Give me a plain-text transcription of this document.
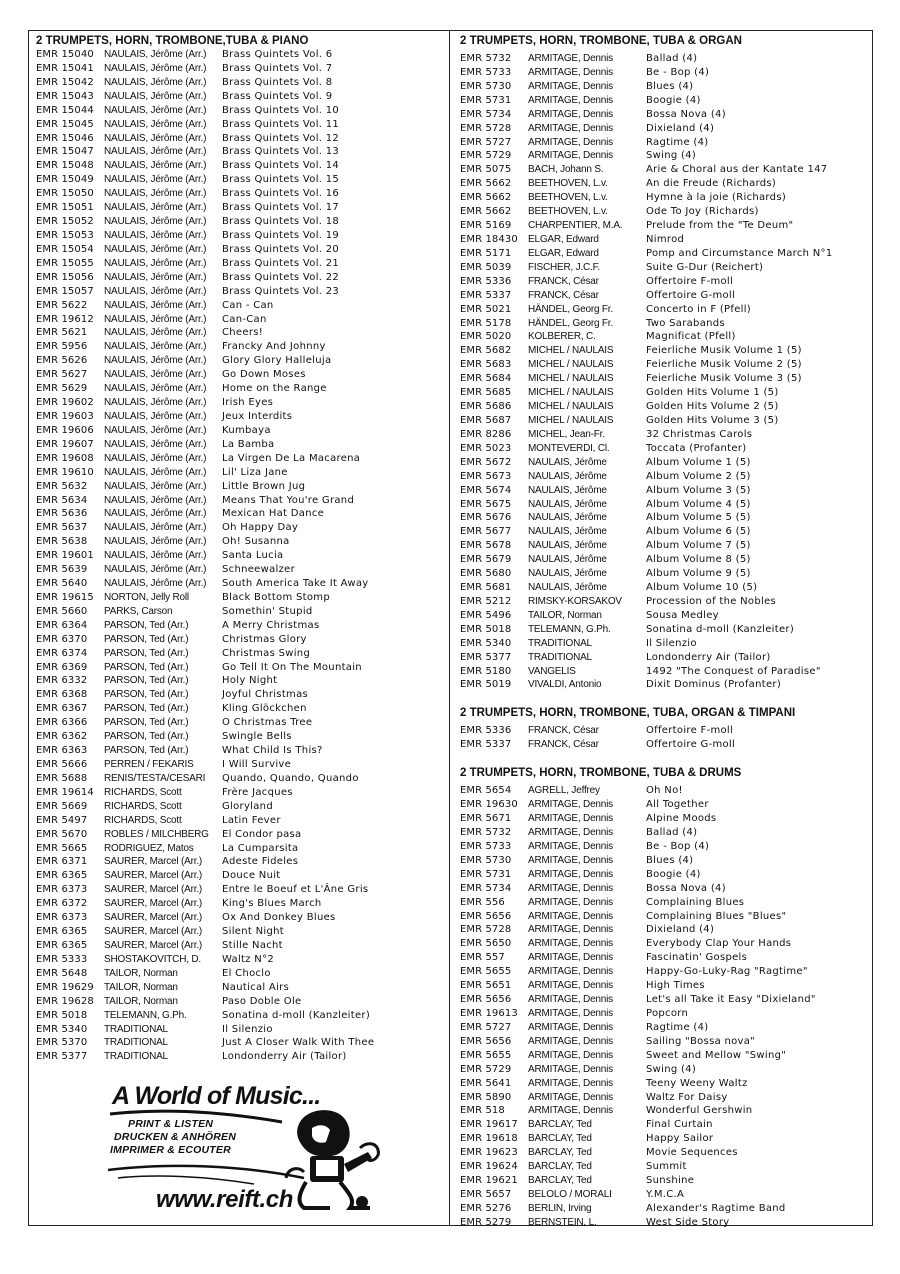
2 TRUMPETS, HORN, TROMBONE,TUBA & PIANO
EMR 15040	NAULAIS, Jérôme (Arr.)	Brass Quintets Vol. 6
EMR 15041	NAULAIS, Jérôme (Arr.)	Brass Quintets Vol. 7
EMR 15042	NAULAIS, Jérôme (Arr.)	Brass Quintets Vol. 8
EMR 15043	NAULAIS, Jérôme (Arr.)	Brass Quintets Vol. 9
EMR 15044	NAULAIS, Jérôme (Arr.)	Brass Quintets Vol. 10
EMR 15045	NAULAIS, Jérôme (Arr.)	Brass Quintets Vol. 11
EMR 15046	NAULAIS, Jérôme (Arr.)	Brass Quintets Vol. 12
EMR 15047	NAULAIS, Jérôme (Arr.)	Brass Quintets Vol. 13
EMR 15048	NAULAIS, Jérôme (Arr.)	Brass Quintets Vol. 14
EMR 15049	NAULAIS, Jérôme (Arr.)	Brass Quintets Vol. 15
EMR 15050	NAULAIS, Jérôme (Arr.)	Brass Quintets Vol. 16
EMR 15051	NAULAIS, Jérôme (Arr.)	Brass Quintets Vol. 17
EMR 15052	NAULAIS, Jérôme (Arr.)	Brass Quintets Vol. 18
EMR 15053	NAULAIS, Jérôme (Arr.)	Brass Quintets Vol. 19
EMR 15054	NAULAIS, Jérôme (Arr.)	Brass Quintets Vol. 20
EMR 15055	NAULAIS, Jérôme (Arr.)	Brass Quintets Vol. 21
EMR 15056	NAULAIS, Jérôme (Arr.)	Brass Quintets Vol. 22
EMR 15057	NAULAIS, Jérôme (Arr.)	Brass Quintets Vol. 23
EMR 5622	NAULAIS, Jérôme (Arr.)	Can - Can
EMR 19612	NAULAIS, Jérôme (Arr.)	Can-Can
EMR 5621	NAULAIS, Jérôme (Arr.)	Cheers!
EMR 5956	NAULAIS, Jérôme (Arr.)	Francky And Johnny
EMR 5626	NAULAIS, Jérôme (Arr.)	Glory Glory Halleluja
EMR 5627	NAULAIS, Jérôme (Arr.)	Go Down Moses
EMR 5629	NAULAIS, Jérôme (Arr.)	Home on the Range
EMR 19602	NAULAIS, Jérôme (Arr.)	Irish Eyes
EMR 19603	NAULAIS, Jérôme (Arr.)	Jeux Interdits
EMR 19606	NAULAIS, Jérôme (Arr.)	Kumbaya
EMR 19607	NAULAIS, Jérôme (Arr.)	La Bamba
EMR 19608	NAULAIS, Jérôme (Arr.)	La Virgen De La Macarena
EMR 19610	NAULAIS, Jérôme (Arr.)	Lil' Liza Jane
EMR 5632	NAULAIS, Jérôme (Arr.)	Little Brown Jug
EMR 5634	NAULAIS, Jérôme (Arr.)	Means That You're Grand
EMR 5636	NAULAIS, Jérôme (Arr.)	Mexican Hat Dance
EMR 5637	NAULAIS, Jérôme (Arr.)	Oh Happy Day
EMR 5638	NAULAIS, Jérôme (Arr.)	Oh! Susanna
EMR 19601	NAULAIS, Jérôme (Arr.)	Santa Lucia
EMR 5639	NAULAIS, Jérôme (Arr.)	Schneewalzer
EMR 5640	NAULAIS, Jérôme (Arr.)	South America Take It Away
EMR 19615	NORTON, Jelly Roll	Black Bottom Stomp
EMR 5660	PARKS, Carson	Somethin' Stupid
EMR 6364	PARSON, Ted (Arr.)	A Merry Christmas
EMR 6370	PARSON, Ted (Arr.)	Christmas Glory
EMR 6374	PARSON, Ted (Arr.)	Christmas Swing
EMR 6369	PARSON, Ted (Arr.)	Go Tell It On The Mountain
EMR 6332	PARSON, Ted (Arr.)	Holy Night
EMR 6368	PARSON, Ted (Arr.)	Joyful Christmas
EMR 6367	PARSON, Ted (Arr.)	Kling Glöckchen
EMR 6366	PARSON, Ted (Arr.)	O Christmas Tree
EMR 6362	PARSON, Ted (Arr.)	Swingle Bells
EMR 6363	PARSON, Ted (Arr.)	What Child Is This?
EMR 5666	PERREN / FEKARIS	I Will Survive
EMR 5688	RENIS/TESTA/CESARI	Quando, Quando, Quando
EMR 19614	RICHARDS, Scott	Frère Jacques
EMR 5669	RICHARDS, Scott	Gloryland
EMR 5497	RICHARDS, Scott	Latin Fever
EMR 5670	ROBLES / MILCHBERG	El Condor pasa
EMR 5665	RODRIGUEZ, Matos	La Cumparsita
EMR 6371	SAURER, Marcel (Arr.)	Adeste Fideles
EMR 6365	SAURER, Marcel (Arr.)	Douce Nuit
EMR 6373	SAURER, Marcel (Arr.)	Entre le Boeuf et L'Âne Gris
EMR 6372	SAURER, Marcel (Arr.)	King's Blues March
EMR 6373	SAURER, Marcel (Arr.)	Ox And Donkey Blues
EMR 6365	SAURER, Marcel (Arr.)	Silent Night
EMR 6365	SAURER, Marcel (Arr.)	Stille Nacht
EMR 5333	SHOSTAKOVITCH, D.	Waltz N°2
EMR 5648	TAILOR, Norman	El Choclo
EMR 19629	TAILOR, Norman	Nautical Airs
EMR 19628	TAILOR, Norman	Paso Doble Ole
EMR 5018	TELEMANN, G.Ph.	Sonatina d-moll (Kanzleiter)
EMR 5340	TRADITIONAL	Il Silenzio
EMR 5370	TRADITIONAL	Just A Closer Walk With Thee
EMR 5377	TRADITIONAL	Londonderry Air (Tailor)
2 TRUMPETS, HORN, TROMBONE, TUBA & ORGAN
EMR 5732	ARMITAGE, Dennis	Ballad (4)
EMR 5733	ARMITAGE, Dennis	Be - Bop (4)
EMR 5730	ARMITAGE, Dennis	Blues (4)
EMR 5731	ARMITAGE, Dennis	Boogie (4)
EMR 5734	ARMITAGE, Dennis	Bossa Nova (4)
EMR 5728	ARMITAGE, Dennis	Dixieland (4)
EMR 5727	ARMITAGE, Dennis	Ragtime (4)
EMR 5729	ARMITAGE, Dennis	Swing (4)
EMR 5075	BACH, Johann S.	Arie & Choral aus der Kantate 147
EMR 5662	BEETHOVEN, L.v.	An die Freude (Richards)
EMR 5662	BEETHOVEN, L.v.	Hymne à la joie (Richards)
EMR 5662	BEETHOVEN, L.v.	Ode To Joy (Richards)
EMR 5169	CHARPENTIER, M.A.	Prelude from the "Te Deum"
EMR 18430	ELGAR, Edward	Nimrod
EMR 5171	ELGAR, Edward	Pomp and Circumstance March N°1
EMR 5039	FISCHER, J.C.F.	Suite G-Dur (Reichert)
EMR 5336	FRANCK, César	Offertoire F-moll
EMR 5337	FRANCK, César	Offertoire G-moll
EMR 5021	HÄNDEL, Georg Fr.	Concerto in F (Pfell)
EMR 5178	HÄNDEL, Georg Fr.	Two Sarabands
EMR 5020	KOLBERER, C.	Magnificat (Pfell)
EMR 5682	MICHEL / NAULAIS	Feierliche Musik Volume 1 (5)
EMR 5683	MICHEL / NAULAIS	Feierliche Musik Volume 2 (5)
EMR 5684	MICHEL / NAULAIS	Feierliche Musik Volume 3 (5)
EMR 5685	MICHEL / NAULAIS	Golden Hits Volume 1 (5)
EMR 5686	MICHEL / NAULAIS	Golden Hits Volume 2 (5)
EMR 5687	MICHEL / NAULAIS	Golden Hits Volume 3 (5)
EMR 8286	MICHEL, Jean-Fr.	32 Christmas Carols
EMR 5023	MONTEVERDI, Cl.	Toccata (Profanter)
EMR 5672	NAULAIS, Jérôme	Album Volume 1 (5)
EMR 5673	NAULAIS, Jérôme	Album Volume 2 (5)
EMR 5674	NAULAIS, Jérôme	Album Volume 3 (5)
EMR 5675	NAULAIS, Jérôme	Album Volume 4 (5)
EMR 5676	NAULAIS, Jérôme	Album Volume 5 (5)
EMR 5677	NAULAIS, Jérôme	Album Volume 6 (5)
EMR 5678	NAULAIS, Jérôme	Album Volume 7 (5)
EMR 5679	NAULAIS, Jérôme	Album Volume 8 (5)
EMR 5680	NAULAIS, Jérôme	Album Volume 9 (5)
EMR 5681	NAULAIS, Jérôme	Album Volume 10 (5)
EMR 5212	RIMSKY-KORSAKOV	Procession of the Nobles
EMR 5496	TAILOR, Norman	Sousa Medley
EMR 5018	TELEMANN, G.Ph.	Sonatina d-moll (Kanzleiter)
EMR 5340	TRADITIONAL	Il Silenzio
EMR 5377	TRADITIONAL	Londonderry Air (Tailor)
EMR 5180	VANGELIS	1492 "The Conquest of Paradise"
EMR 5019	VIVALDI, Antonio	Dixit Dominus (Profanter)
2 TRUMPETS, HORN, TROMBONE, TUBA, ORGAN & TIMPANI
EMR 5336	FRANCK, César	Offertoire F-moll
EMR 5337	FRANCK, César	Offertoire G-moll
2 TRUMPETS, HORN, TROMBONE, TUBA & DRUMS
EMR 5654	AGRELL, Jeffrey	Oh No!
EMR 19630	ARMITAGE, Dennis	All Together
EMR 5671	ARMITAGE, Dennis	Alpine Moods
EMR 5732	ARMITAGE, Dennis	Ballad (4)
EMR 5733	ARMITAGE, Dennis	Be - Bop (4)
EMR 5730	ARMITAGE, Dennis	Blues (4)
EMR 5731	ARMITAGE, Dennis	Boogie (4)
EMR 5734	ARMITAGE, Dennis	Bossa Nova (4)
EMR 556	ARMITAGE, Dennis	Complaining Blues
EMR 5656	ARMITAGE, Dennis	Complaining Blues "Blues"
EMR 5728	ARMITAGE, Dennis	Dixieland (4)
EMR 5650	ARMITAGE, Dennis	Everybody Clap Your Hands
EMR 557	ARMITAGE, Dennis	Fascinatin' Gospels
EMR 5655	ARMITAGE, Dennis	Happy-Go-Luky-Rag "Ragtime"
EMR 5651	ARMITAGE, Dennis	High Times
EMR 5656	ARMITAGE, Dennis	Let's all Take it Easy "Dixieland"
EMR 19613	ARMITAGE, Dennis	Popcorn
EMR 5727	ARMITAGE, Dennis	Ragtime (4)
EMR 5656	ARMITAGE, Dennis	Sailing "Bossa nova"
EMR 5655	ARMITAGE, Dennis	Sweet and Mellow "Swing"
EMR 5729	ARMITAGE, Dennis	Swing (4)
EMR 5641	ARMITAGE, Dennis	Teeny Weeny Waltz
EMR 5890	ARMITAGE, Dennis	Waltz For Daisy
EMR 518	ARMITAGE, Dennis	Wonderful Gershwin
EMR 19617	BARCLAY, Ted	Final Curtain
EMR 19618	BARCLAY, Ted	Happy Sailor
EMR 19623	BARCLAY, Ted	Movie Sequences
EMR 19624	BARCLAY, Ted	Summit
EMR 19621	BARCLAY, Ted	Sunshine
EMR 5657	BELOLO / MORALI	Y.M.C.A
EMR 5276	BERLIN, Irving	Alexander's Ragtime Band
EMR 5279	BERNSTEIN, L.	West Side Story
A World of Music...
PRINT & LISTEN
DRUCKEN & ANHÖREN
IMPRIMER & ECOUTER
www.reift.ch
